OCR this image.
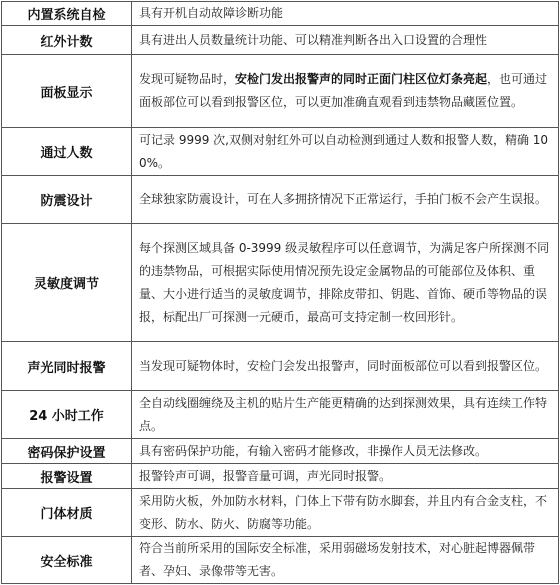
内置系统自检	具有开机自动故障诊断功能
红外计数	具有进出人员数量统计功能、可以精准判断各出入口设置的合理性
面板显示	发现可疑物品时，安检门发出报警声的同时正面门柱区位灯条亮起，也可通过面板部位可以看到报警区位，可以更加准确直观看到违禁物品藏匿位置。
通过人数	可记录 9999 次,双侧对射红外可以自动检测到通过人数和报警人数，精确 100%。
防震设计	全球独家防震设计，可在人多拥挤情况下正常运行，手拍门板不会产生误报。
灵敏度调节	每个探测区域具备 0-3999 级灵敏程序可以任意调节，为满足客户所探测不同的违禁物品，可根据实际使用情况预先设定金属物品的可能部位及体积、重量、大小进行适当的灵敏度调节，排除皮带扣、钥匙、首饰、硬币等物品的误报，标配出厂可探测一元硬币，最高可支持定制一枚回形针。
声光同时报警	当发现可疑物体时，安检门会发出报警声，同时面板部位可以看到报警区位。
24 小时工作	全自动线圈缠绕及主机的贴片生产能更精确的达到探测效果，具有连续工作特点。
密码保护设置	具有密码保护功能，有输入密码才能修改，非操作人员无法修改。
报警设置	报警铃声可调，报警音量可调，声光同时报警。
门体材质	采用防火板，外加防水材料，门体上下带有防水脚套，并且内有合金支柱，不变形、防水、防火、防腐等功能。
安全标准	符合当前所采用的国际安全标准，采用弱磁场发射技术，对心脏起博器佩带者、孕妇、录像带等无害。
